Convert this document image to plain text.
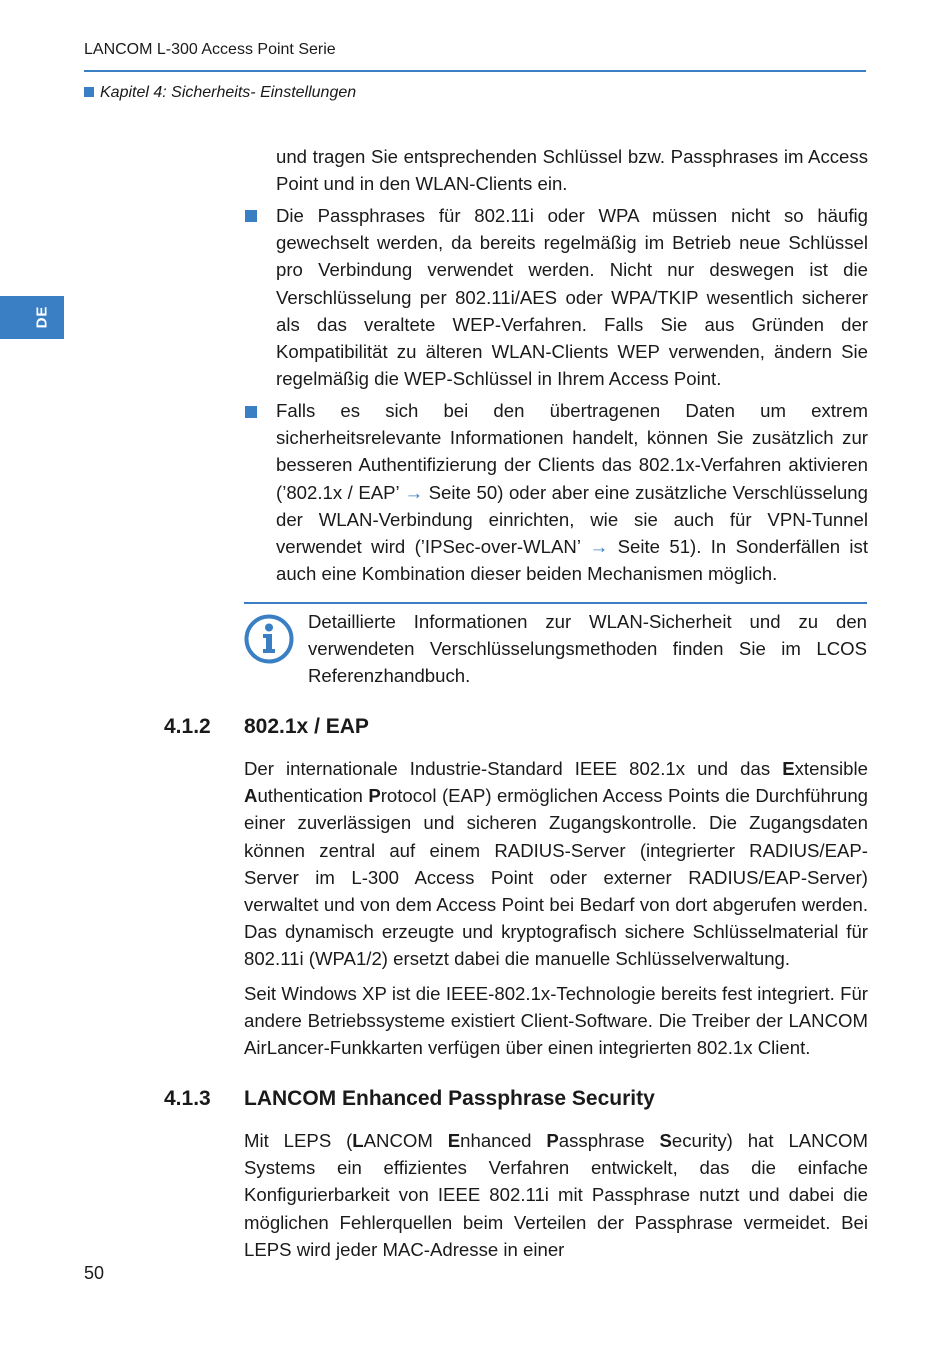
LANCOM L-300 Access Point Serie
Kapitel 4: Sicherheits- Einstellungen
DE

und tragen Sie entsprechenden Schlüssel bzw. Passphrases im Access Point und in den WLAN-Clients ein.

Die Passphrases für 802.11i oder WPA müssen nicht so häufig gewechselt werden, da bereits regelmäßig im Betrieb neue Schlüssel pro Verbindung verwendet werden. Nicht nur deswegen ist die Verschlüsselung per 802.11i/AES oder WPA/TKIP wesentlich sicherer als das veraltete WEP-Verfahren. Falls Sie aus Gründen der Kompatibilität zu älteren WLAN-Clients WEP verwenden, ändern Sie regelmäßig die WEP-Schlüssel in Ihrem Access Point.

Falls es sich bei den übertragenen Daten um extrem sicherheitsrelevante Informationen handelt, können Sie zusätzlich zur besseren Authentifizierung der Clients das 802.1x-Verfahren aktivieren (’802.1x / EAP’ → Seite 50) oder aber eine zusätzliche Verschlüsselung der WLAN-Verbindung einrichten, wie sie auch für VPN-Tunnel verwendet wird (’IPSec-over-WLAN’ → Seite 51). In Sonderfällen ist auch eine Kombination dieser beiden Mechanismen möglich.

Detaillierte Informationen zur WLAN-Sicherheit und zu den verwendeten Verschlüsselungsmethoden finden Sie im LCOS Referenzhandbuch.

4.1.2 802.1x / EAP

Der internationale Industrie-Standard IEEE 802.1x und das Extensible Authentication Protocol (EAP) ermöglichen Access Points die Durchführung einer zuverlässigen und sicheren Zugangskontrolle. Die Zugangsdaten können zentral auf einem RADIUS-Server (integrierter RADIUS/EAP-Server im L-300 Access Point oder externer RADIUS/EAP-Server) verwaltet und von dem Access Point bei Bedarf von dort abgerufen werden. Das dynamisch erzeugte und kryptografisch sichere Schlüsselmaterial für 802.11i (WPA1/2) ersetzt dabei die manuelle Schlüsselverwaltung.

Seit Windows XP ist die IEEE-802.1x-Technologie bereits fest integriert. Für andere Betriebssysteme existiert Client-Software. Die Treiber der LANCOM AirLancer-Funkkarten verfügen über einen integrierten 802.1x Client.

4.1.3 LANCOM Enhanced Passphrase Security

Mit LEPS (LANCOM Enhanced Passphrase Security) hat LANCOM Systems ein effizientes Verfahren entwickelt, das die einfache Konfigurierbarkeit von IEEE 802.11i mit Passphrase nutzt und dabei die möglichen Fehlerquellen beim Verteilen der Passphrase vermeidet. Bei LEPS wird jeder MAC-Adresse in einer

50
